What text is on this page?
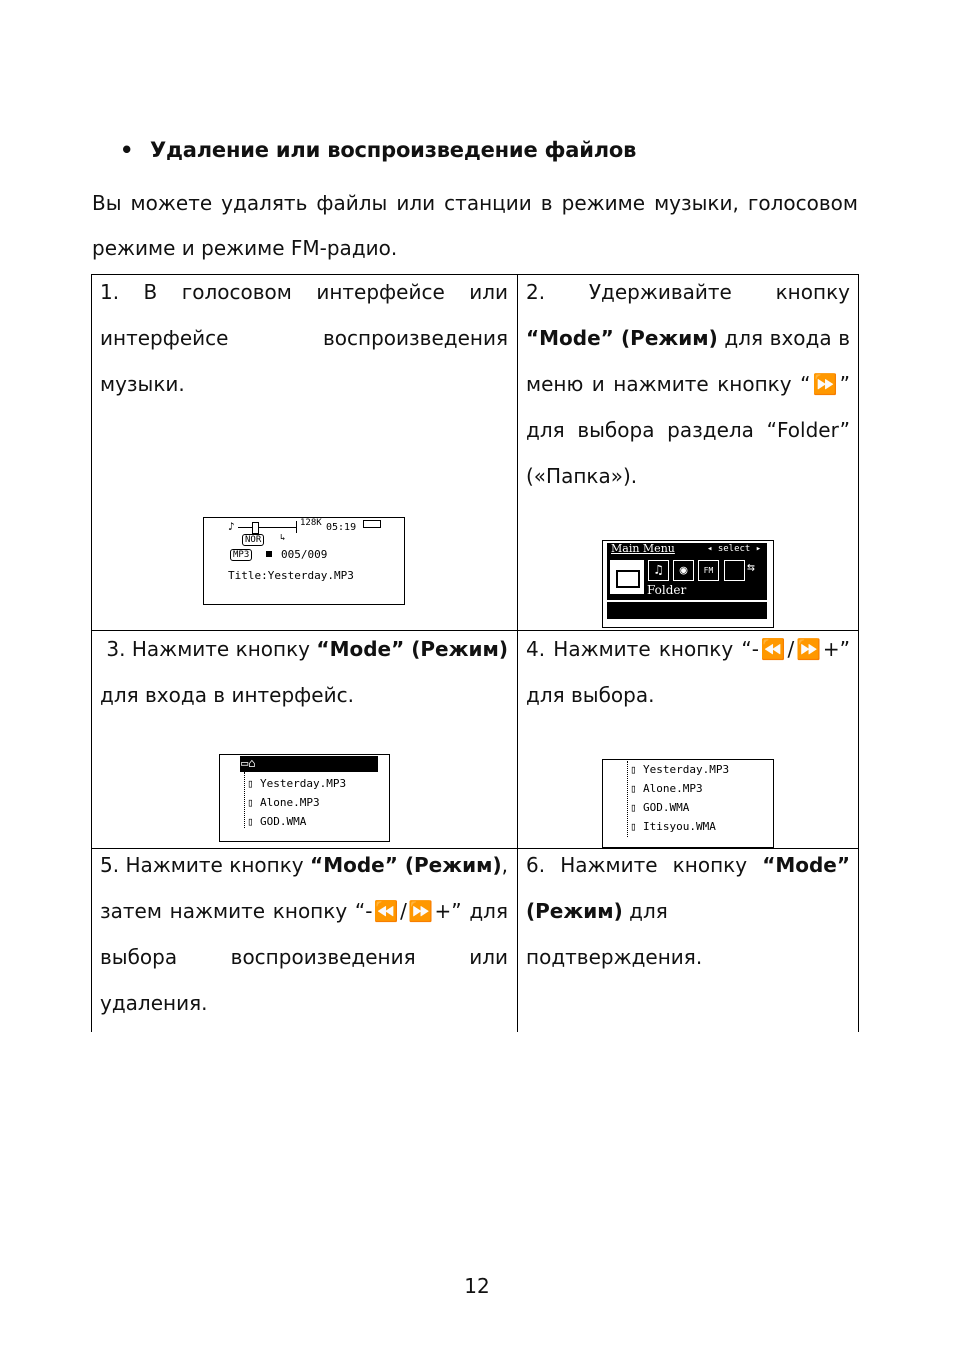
• Удаление или воспроизведение файлов
Вы можете удалять файлы или станции в режиме музыки, голосовом
режиме и режиме FM-радио.
1. В голосовом интерфейсе или
интерфейсе воспроизведения музыки.
♪	128K 05:19
NOR	↳
MP3	005/009
Title:Yesterday.MP3
2. Удерживайте кнопку
“Mode” (Режим) для входа в
меню и нажмите кнопку “⏩”
для выбора раздела “Folder”
(«Папка»).
Main Menu	◂ select ▸
♫	◉	FM	⇆
Folder
3. Нажмите кнопку “Mode” (Режим)
для входа в интерфейс.
▭⌂
▯ Yesterday.MP3
▯ Alone.MP3
▯ GOD.WMA
4. Нажмите кнопку “-⏪/⏩+”
для выбора.
▯ Yesterday.MP3
▯ Alone.MP3
▯ GOD.WMA
▯ Itisyou.WMA
5. Нажмите кнопку “Mode” (Режим),
затем нажмите кнопку “-⏪/⏩+” для
выбора воспроизведения или
удаления.
6. Нажмите кнопку “Mode”
(Режим) для подтверждения.
12
